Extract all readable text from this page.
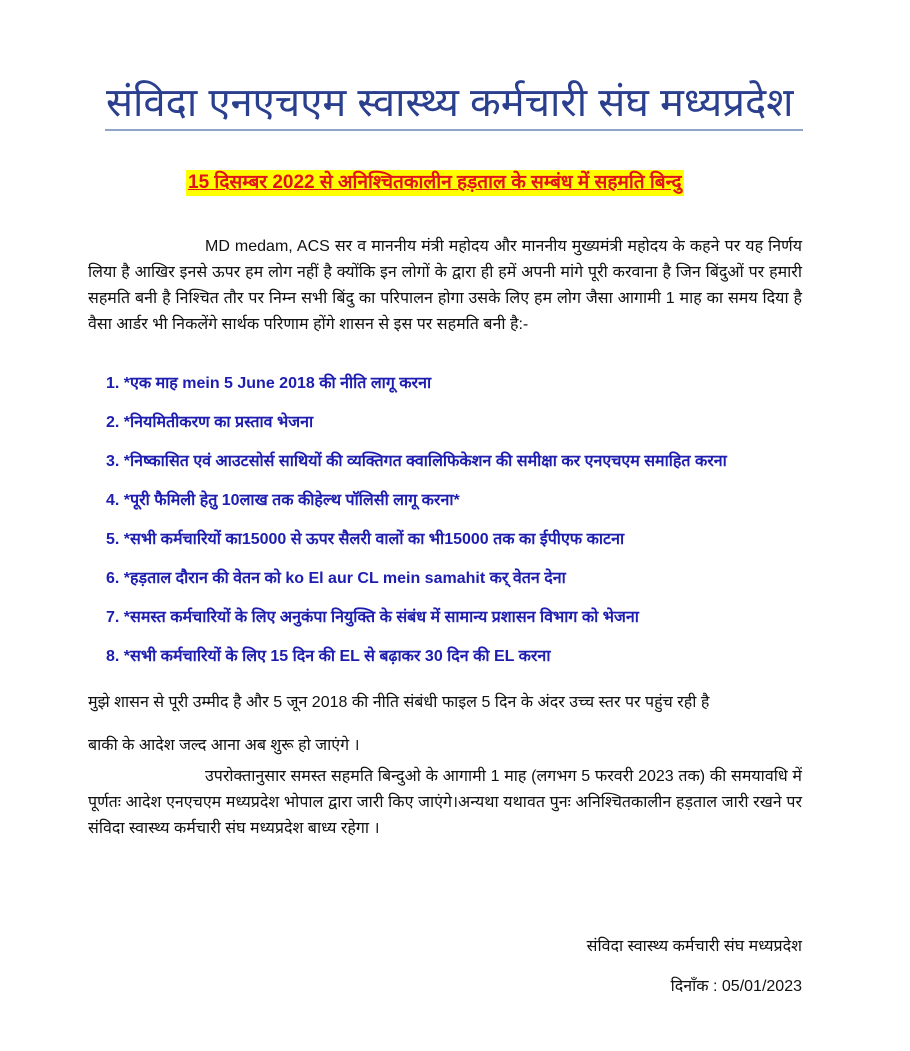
संविदा एनएचएम स्वास्थ्य कर्मचारी संघ मध्यप्रदेश
15 दिसम्बर 2022 से अनिश्चितकालीन हड़ताल के सम्बंध में सहमति बिन्दु

MD medam, ACS सर व माननीय मंत्री महोदय और माननीय मुख्यमंत्री महोदय के कहने पर यह निर्णय लिया है आखिर इनसे ऊपर हम लोग नहीं है क्योंकि इन लोगों के द्वारा ही हमें अपनी मांगे पूरी करवाना है जिन बिंदुओं पर हमारी सहमति बनी है निश्चित तौर पर निम्न सभी बिंदु का परिपालन होगा उसके लिए हम लोग जैसा आगामी 1 माह का समय दिया है वैसा आर्डर भी निकलेंगे सार्थक परिणाम होंगे शासन से इस पर सहमति बनी है:-

1. *एक माह mein 5 June 2018 की नीति लागू करना
2. *नियमितीकरण का प्रस्ताव भेजना
3. *निष्कासित एवं आउटसोर्स साथियों की व्यक्तिगत क्वालिफिकेशन की समीक्षा कर एनएचएम समाहित करना
4. *पूरी फैमिली हेतु 10लाख तक कीहेल्थ पॉलिसी लागू करना*
5. *सभी कर्मचारियों का15000 से ऊपर सैलरी वालों का भी15000 तक का ईपीएफ काटना
6. *हड़ताल दौरान की वेतन को ko El aur CL mein samahit कर् वेतन देना
7. *समस्त कर्मचारियों के लिए अनुकंपा नियुक्ति के संबंध में सामान्य प्रशासन विभाग को भेजना
8. *सभी कर्मचारियों के लिए 15 दिन की EL से बढ़ाकर 30 दिन की EL करना

मुझे शासन से पूरी उम्मीद है और 5 जून 2018 की नीति संबंधी फाइल 5 दिन के अंदर उच्च स्तर पर पहुंच रही है

बाकी के आदेश जल्द आना अब शुरू हो जाएंगे ।

उपरोक्तानुसार समस्त सहमति बिन्दुओ के आगामी 1 माह (लगभग 5 फरवरी 2023 तक) की समयावधि में पूर्णतः आदेश एनएचएम मध्यप्रदेश भोपाल द्वारा जारी किए जाएंगे।अन्यथा यथावत पुनः अनिश्चितकालीन हड़ताल जारी रखने पर संविदा स्वास्थ्य कर्मचारी संघ मध्यप्रदेश बाध्य रहेगा ।

संविदा स्वास्थ्य कर्मचारी संघ मध्यप्रदेश
दिनाँक : 05/01/2023
